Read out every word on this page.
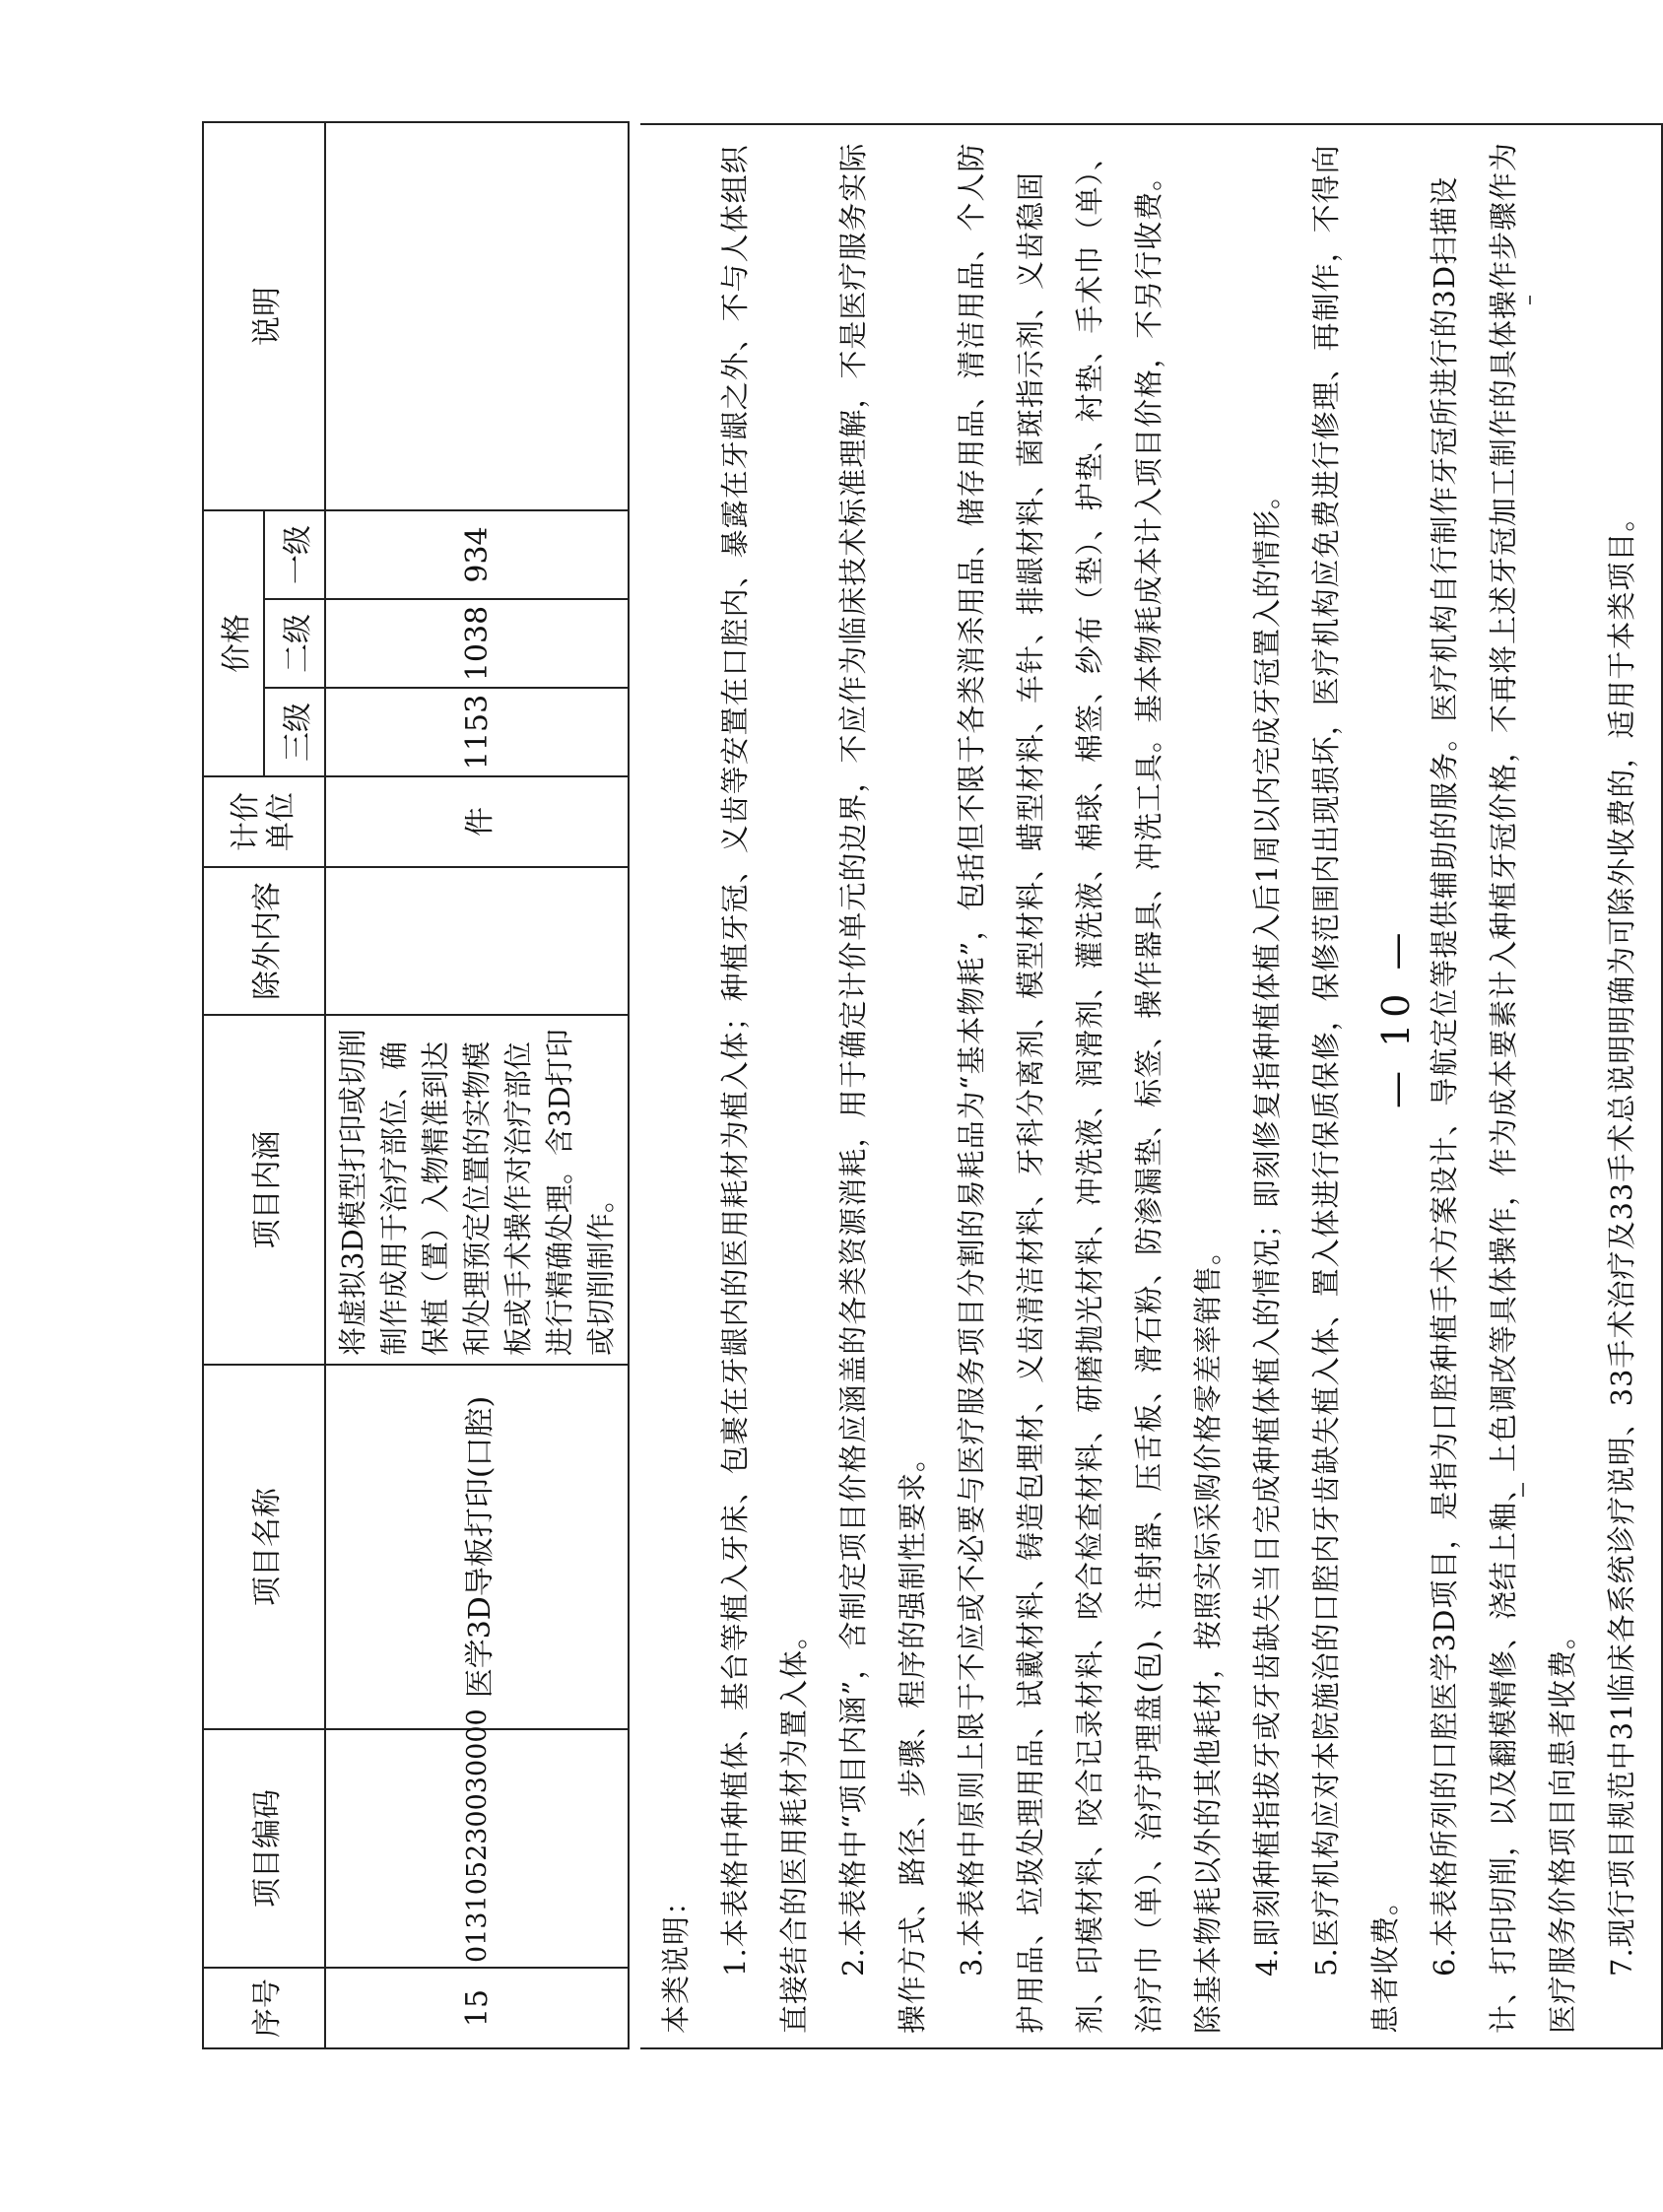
序号	项目编码	项目名称	项目内涵	除外内容	计价 单位	价格			说明
						三级	二级	一级	
15	013105230030000	医学3D导板打印(口腔)	将虚拟3D模型打印或切削制作成用于治疗部位、确保植（置）入物精准到达和处理预定位置的实物模板或手术操作对治疗部位进行精确处理。含3D打印或切削制作。		件	1153	1038	934	

本类说明： 1.本表格中种植体、基台等植入牙床、包裹在牙龈内的医用耗材为植入体；种植牙冠、义齿等安置在口腔内、暴露在牙龈之外、不与人体组织直接结合的医用耗材为置入体。 2.本表格中“项目内涵”，含制定项目价格应涵盖的各类资源消耗，用于确定计价单元的边界，不应作为临床技术标准理解，不是医疗服务实际操作方式、路径、步骤、程序的强制性要求。 3.本表格中原则上限于不应或不必要与医疗服务项目分割的易耗品为“基本物耗”，包括但不限于各类消杀用品、储存用品、清洁用品、个人防护用品、垃圾处理用品、试戴材料、铸造包埋材、义齿清洁材料、牙科分离剂、模型材料、蜡型材料、车针、排龈材料、菌斑指示剂、义齿稳固剂、印模材料、咬合记录材料、咬合检查材料、研磨抛光材料、冲洗液、润滑剂、灌洗液、棉球、棉签、纱布（垫）、护垫、衬垫、手术巾（单）、治疗巾（单）、治疗护理盘(包)、注射器、压舌板、滑石粉、防渗漏垫、标签、操作器具、冲洗工具。基本物耗成本计入项目价格，不另行收费。除基本物耗以外的其他耗材，按照实际采购价格零差率销售。 4.即刻种植指拔牙或牙齿缺失当日完成种植体植入的情况；即刻修复指种植体植入后1周以内完成牙冠置入的情形。 5.医疗机构应对本院施治的口腔内牙齿缺失植入体、置入体进行保质保修，保修范围内出现损坏，医疗机构应免费进行修理、再制作，不得向患者收费。 6.本表格所列的口腔医学3D项目，是指为口腔种植手术方案设计、导航定位等提供辅助的服务。医疗机构自行制作牙冠所进行的3D扫描设计、打印切削，以及翻模精修、浇结上釉、上色调改等具体操作，作为成本要素计入种植牙冠价格，不再将上述牙冠加工制作的具体操作步骤作为医疗服务价格项目向患者收费。 7.现行项目规范中31临床各系统诊疗说明、33手术治疗及33手术总说明明确为可除外收费的，适用于本类项目。

— 10 —
